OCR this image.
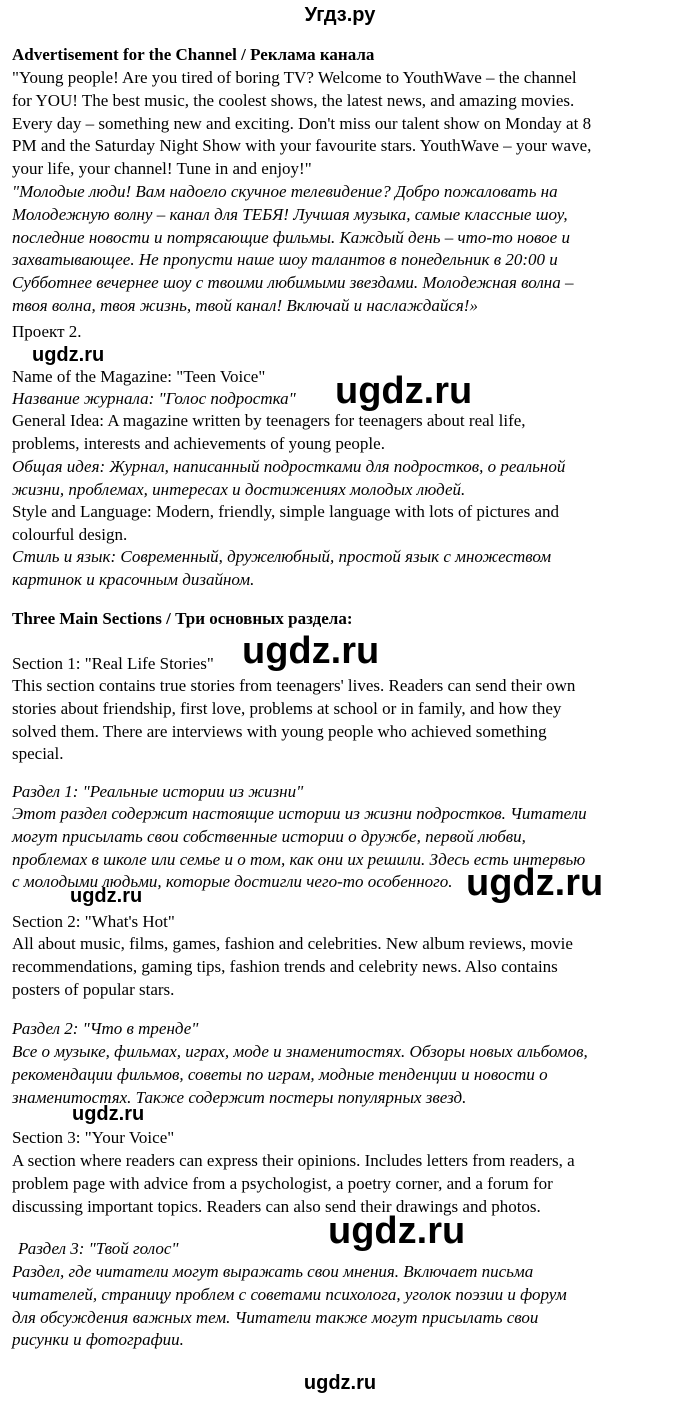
Угдз.ру
Advertisement for the Channel / Реклама канала
"Young people! Are you tired of boring TV? Welcome to YouthWave – the channel
for YOU! The best music, the coolest shows, the latest news, and amazing movies.
Every day – something new and exciting. Don't miss our talent show on Monday at 8
PM and the Saturday Night Show with your favourite stars. YouthWave – your wave,
your life, your channel! Tune in and enjoy!"
"Молодые люди! Вам надоело скучное телевидение? Добро пожаловать на
Молодежную волну – канал для ТЕБЯ! Лучшая музыка, самые классные шоу,
последние новости и потрясающие фильмы. Каждый день – что-то новое и
захватывающее. Не пропусти наше шоу талантов в понедельник в 20:00 и
Субботнее вечернее шоу с твоими любимыми звездами. Молодежная волна –
твоя волна, твоя жизнь, твой канал! Включай и наслаждайся!»
Проект 2.
ugdz.ru
ugdz.ru
Name of the Magazine: "Teen Voice"
Название журнала: "Голос подростка"
General Idea: A magazine written by teenagers for teenagers about real life,
problems, interests and achievements of young people.
Общая идея: Журнал, написанный подростками для подростков, о реальной
жизни, проблемах, интересах и достижениях молодых людей.
Style and Language: Modern, friendly, simple language with lots of pictures and
colourful design.
Стиль и язык: Современный, дружелюбный, простой язык с множеством
картинок и красочным дизайном.
Three Main Sections / Три основных раздела:
ugdz.ru
Section 1: "Real Life Stories"
This section contains true stories from teenagers' lives. Readers can send their own
stories about friendship, first love, problems at school or in family, and how they
solved them. There are interviews with young people who achieved something
special.
Раздел 1: "Реальные истории из жизни"
Этот раздел содержит настоящие истории из жизни подростков. Читатели
могут присылать свои собственные истории о дружбе, первой любви,
проблемах в школе или семье и о том, как они их решили. Здесь есть интервью
с молодыми людьми, которые достигли чего-то особенного.
ugdz.ru	ugdz.ru
Section 2: "What's Hot"
All about music, films, games, fashion and celebrities. New album reviews, movie
recommendations, gaming tips, fashion trends and celebrity news. Also contains
posters of popular stars.
Раздел 2: "Что в тренде"
Все о музыке, фильмах, играх, моде и знаменитостях. Обзоры новых альбомов,
рекомендации фильмов, советы по играм, модные тенденции и новости о
знаменитостях. Также содержит постеры популярных звезд.
ugdz.ru
Section 3: "Your Voice"
A section where readers can express their opinions. Includes letters from readers, a
problem page with advice from a psychologist, a poetry corner, and a forum for
discussing important topics. Readers can also send their drawings and photos.
ugdz.ru
Раздел 3: "Твой голос"
Раздел, где читатели могут выражать свои мнения. Включает письма
читателей, страницу проблем с советами психолога, уголок поэзии и форум
для обсуждения важных тем. Читатели также могут присылать свои
рисунки и фотографии.
ugdz.ru
